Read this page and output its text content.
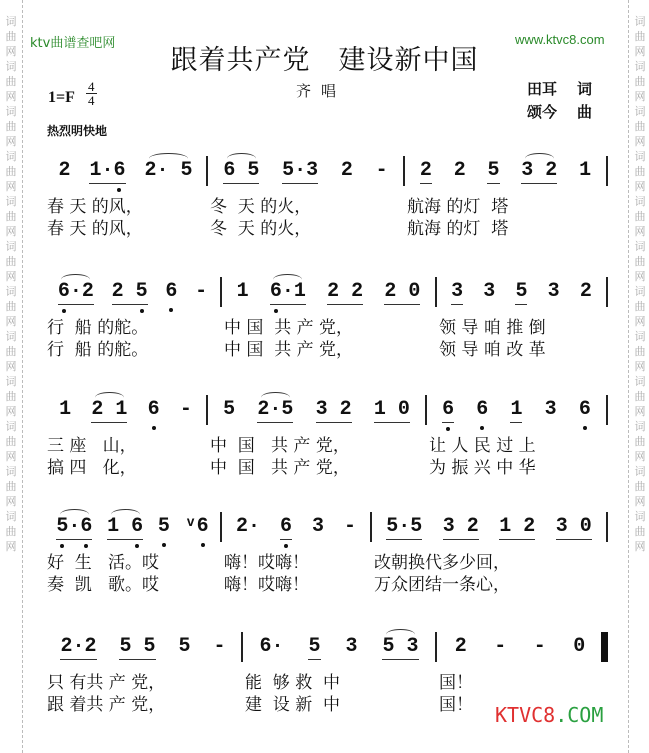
词曲网词曲网词曲网词曲网词曲网词曲网词曲网词曲网词曲网词曲网词曲网词曲网
词曲网词曲网词曲网词曲网词曲网词曲网词曲网词曲网词曲网词曲网词曲网词曲网
ktv曲谱查吧网	www.ktvc8.com
跟着共产党　建设新中国
1=F
4
4
齐唱	田耳 词
颂今 曲
热烈明快地
2 1·6 2· 5 6 5 5·3 2 - 2 2 5 3 2 1
春 天 的风，	冬  天 的火，	航海 的灯  塔
春 天 的风，	冬  天 的火，	航海 的灯  塔
6·2 2 5 6 - 1 6·1 2 2 2 0 3 3 5 3 2
行  船 的舵。	中 国  共 产 党，	领 导 咱 推 倒
行  船 的舵。	中 国  共 产 党，	领 导 咱 改 革
1 2 1 6 - 5 2·5 3 2 1 0 6 6 1 3 6
三 座   山，	中  国   共 产 党，	让 人 民 过 上
搞 四   化，	中  国   共 产 党，	为 振 兴 中 华
5·6 1 6 5 ᵛ6 2· 6 3 - 5·5 3 2 1 2 3 0
好  生   活。哎	嗨！哎嗨！	改朝换代多少回，
奏  凯   歌。哎	嗨！哎嗨！	万众团结一条心，
2·2 5 5 5 - 6· 5 3 5 3 2 - - 0
只 有共 产 党，	能  够 救  中	国！
跟 着共 产 党，	建  设 新  中	国！	KTVC8.COM
